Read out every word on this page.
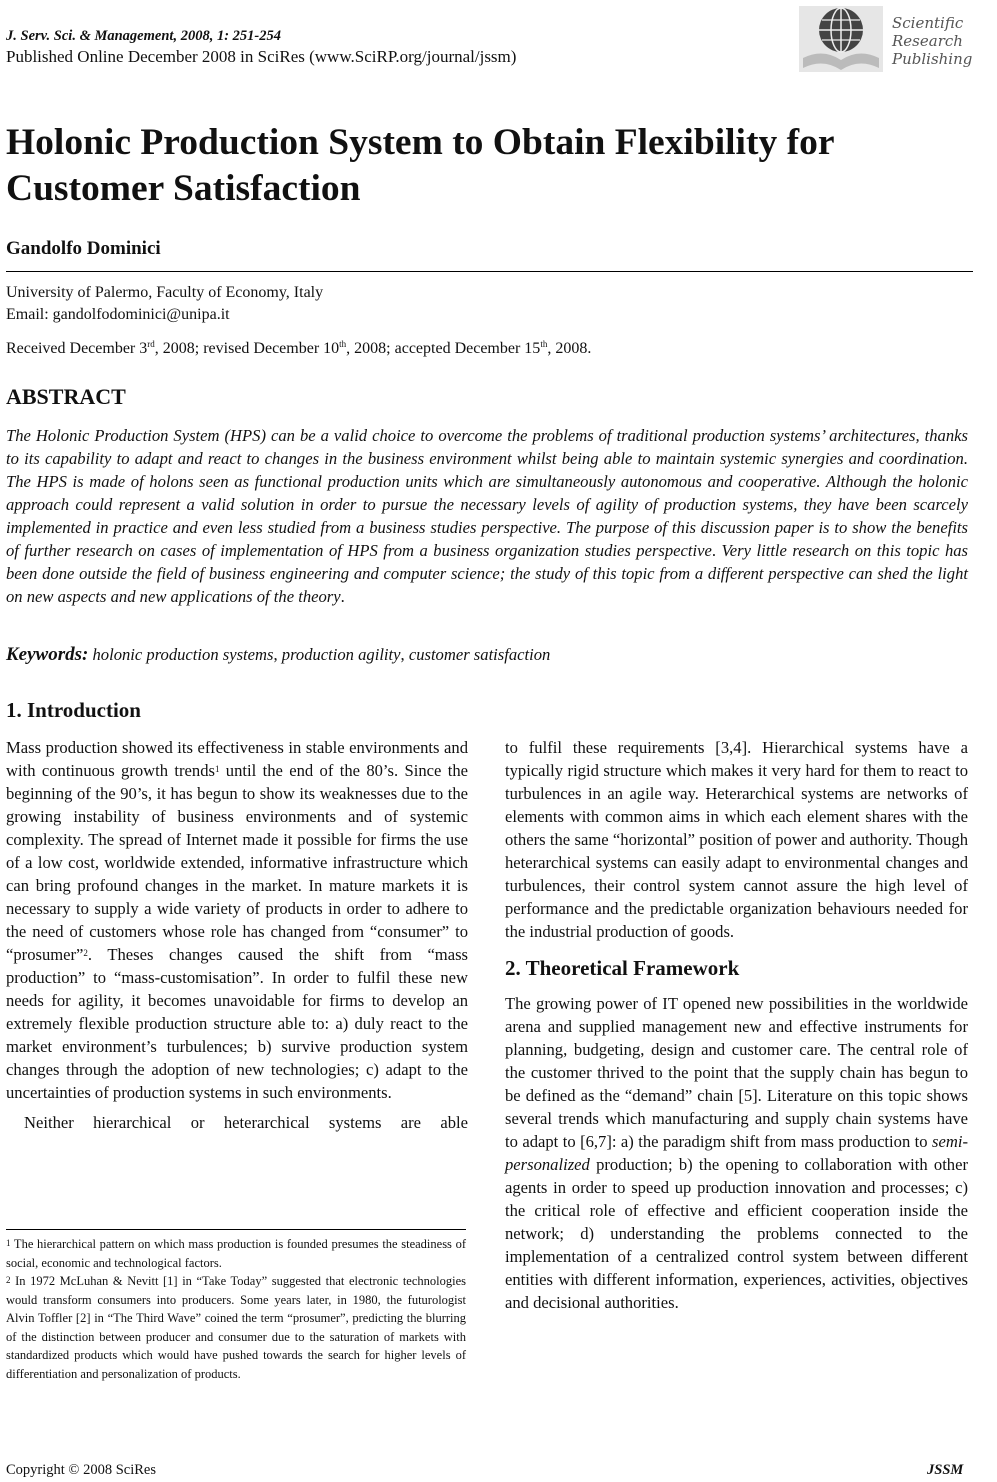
J. Serv. Sci. & Management, 2008, 1: 251-254
Published Online December 2008 in SciRes (www.SciRP.org/journal/jssm)
Scientific
Research
Publishing
Holonic Production System to Obtain Flexibility for Customer Satisfaction
Gandolfo Dominici
University of Palermo, Faculty of Economy, Italy
Email: gandolfodominici@unipa.it
Received December 3rd, 2008; revised December 10th, 2008; accepted December 15th, 2008.
ABSTRACT
The Holonic Production System (HPS) can be a valid choice to overcome the problems of traditional production systems’ architectures, thanks to its capability to adapt and react to changes in the business environment whilst being able to maintain systemic synergies and coordination. The HPS is made of holons seen as functional production units which are simultaneously autonomous and cooperative. Although the holonic approach could represent a valid solution in order to pursue the necessary levels of agility of production systems, they have been scarcely implemented in practice and even less studied from a business studies perspective. The purpose of this discussion paper is to show the benefits of further research on cases of implementation of HPS from a business organization studies perspective. Very little research on this topic has been done outside the field of business engineering and computer science; the study of this topic from a different perspective can shed the light on new aspects and new applications of the theory.
Keywords: holonic production systems, production agility, customer satisfaction
1. Introduction

Mass production showed its effectiveness in stable environments and with continuous growth trends$^1$ until the end of the 80’s. Since the beginning of the 90’s, it has begun to show its weaknesses due to the growing instability of business environments and of systemic complexity. The spread of Internet made it possible for firms the use of a low cost, worldwide extended, informative infrastructure which can bring profound changes in the market. In mature markets it is necessary to supply a wide variety of products in order to adhere to the need of customers whose role has changed from “consumer” to “prosumer”$^2$. Theses changes caused the shift from “mass production” to “mass-customisation”. In order to fulfil these new needs for agility, it becomes unavoidable for firms to develop an extremely flexible production structure able to: a) duly react to the market environment’s turbulences; b) survive production system changes through the adoption of new technologies; c) adapt to the uncertainties of production systems in such environments.

Neither hierarchical or heterarchical systems are able

$^1$ The hierarchical pattern on which mass production is founded presumes the steadiness of social, economic and technological factors.

$^2$ In 1972 McLuhan & Nevitt [1] in “Take Today” suggested that electronic technologies would transform consumers into producers. Some years later, in 1980, the futurologist Alvin Toffler [2] in “The Third Wave” coined the term “prosumer”, predicting the blurring of the distinction between producer and consumer due to the saturation of markets with standardized products which would have pushed towards the search for higher levels of differentiation and personalization of products.

to fulfil these requirements [3,4]. Hierarchical systems have a typically rigid structure which makes it very hard for them to react to turbulences in an agile way. Heterarchical systems are networks of elements with common aims in which each element shares with the others the same “horizontal” position of power and authority. Though heterarchical systems can easily adapt to environmental changes and turbulences, their control system cannot assure the high level of performance and the predictable organization behaviours needed for the industrial production of goods.

2. Theoretical Framework

The growing power of IT opened new possibilities in the worldwide arena and supplied management new and effective instruments for planning, budgeting, design and customer care. The central role of the customer thrived to the point that the supply chain has begun to be defined as the “demand” chain [5]. Literature on this topic shows several trends which manufacturing and supply chain systems have to adapt to [6,7]: a) the paradigm shift from mass production to semi-personalized production; b) the opening to collaboration with other agents in order to speed up production innovation and processes; c) the critical role of effective and efficient cooperation inside the network; d) understanding the problems connected to the implementation of a centralized control system between different entities with different information, experiences, activities, objectives and decisional authorities.

Copyright © 2008 SciRes	JSSM
